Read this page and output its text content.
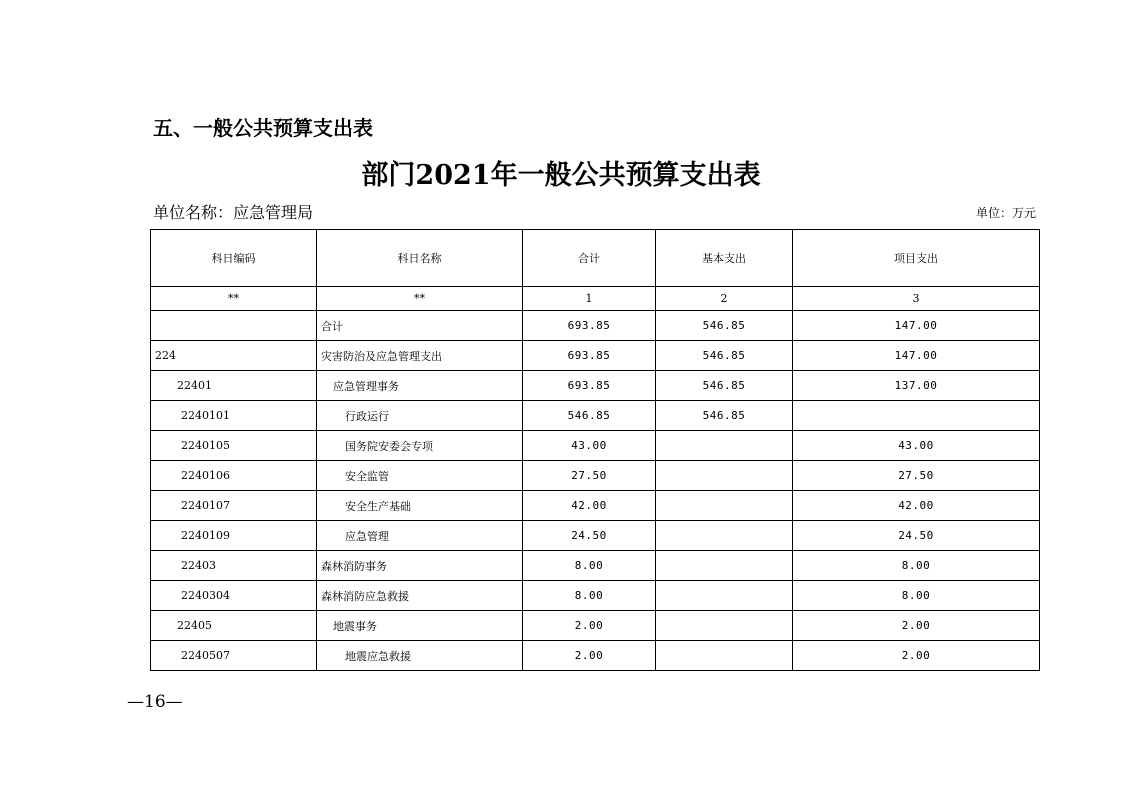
五、一般公共预算支出表
部门2021年一般公共预算支出表
单位名称：应急管理局	单位：万元
科日编码	科日名称	合计	基本支出	项目支出
**	**	1	2	3
	合计	693.85	546.85	147.00
224	灾害防治及应急管理支出	693.85	546.85	147.00
22401	应急管理事务	693.85	546.85	137.00
2240101	行政运行	546.85	546.85	
2240105	国务院安委会专项	43.00		43.00
2240106	安全监管	27.50		27.50
2240107	安全生产基础	42.00		42.00
2240109	应急管理	24.50		24.50
22403	森林消防事务	8.00		8.00
2240304	森林消防应急救援	8.00		8.00
22405	地震事务	2.00		2.00
2240507	地震应急救援	2.00		2.00
—16—
